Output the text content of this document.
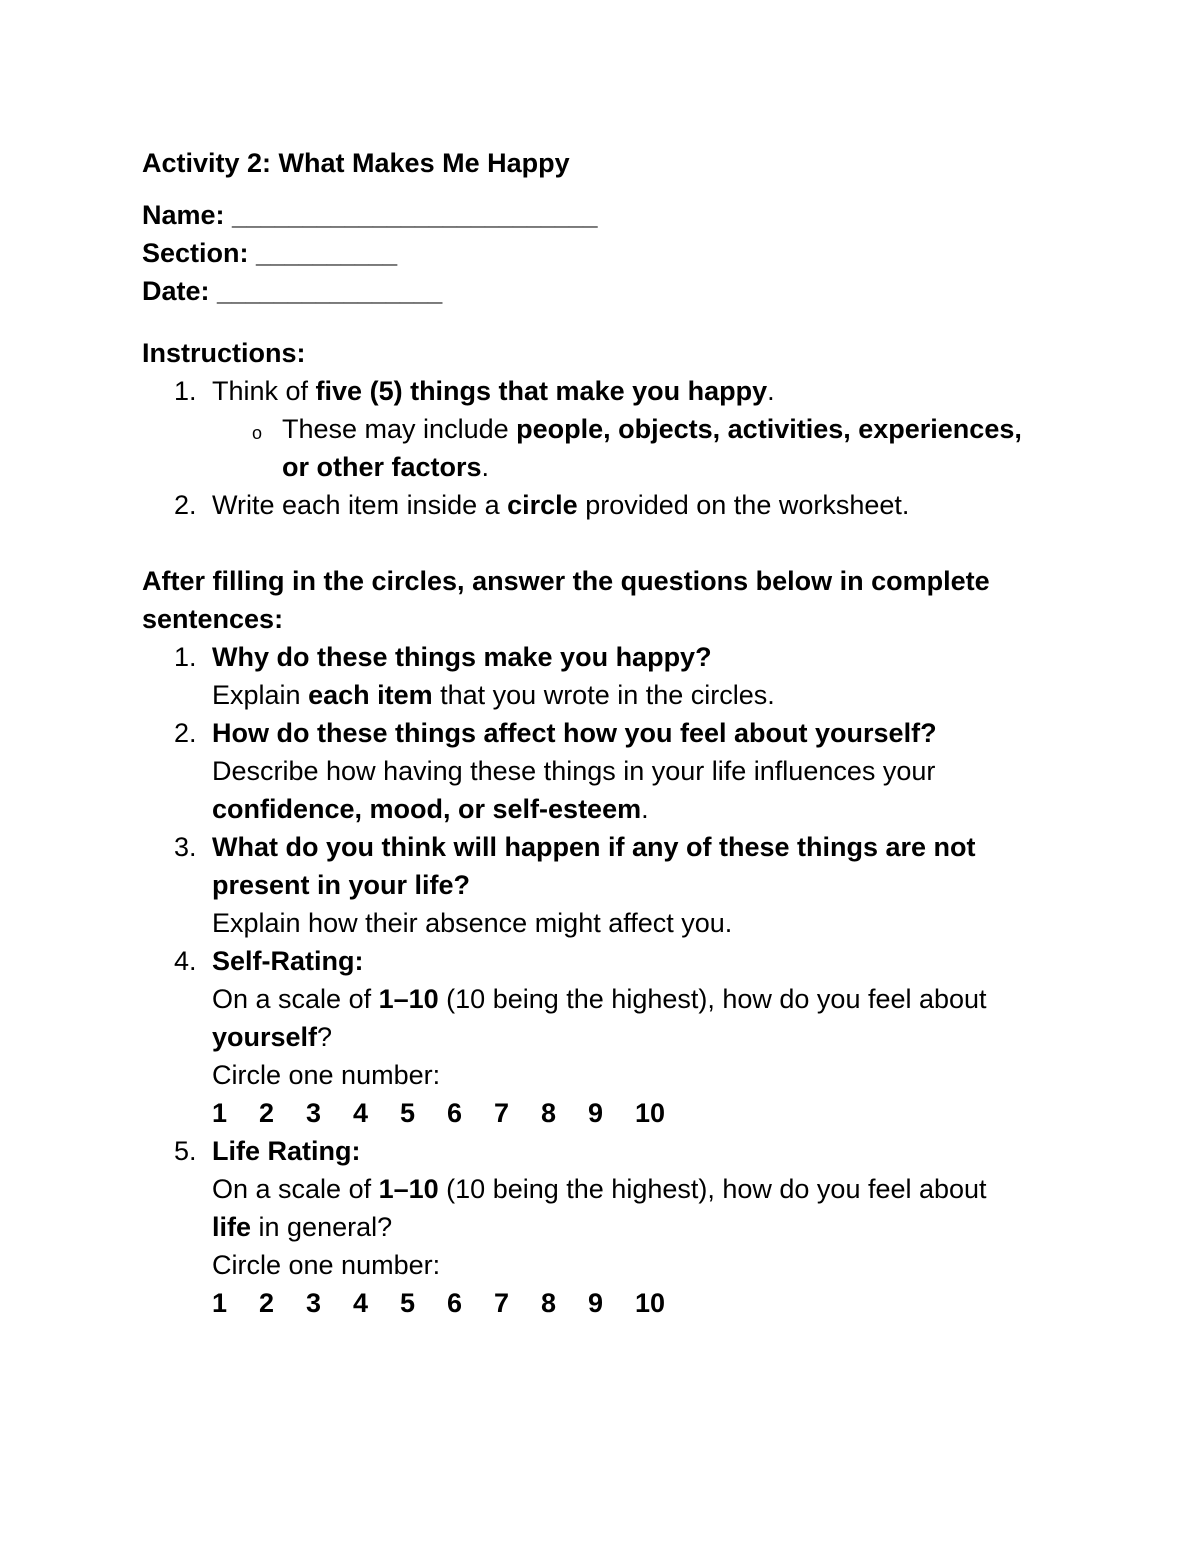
Activity 2: What Makes Me Happy
Name: __________________________
Section: __________
Date: ________________
Instructions:
1. Think of five (5) things that make you happy.
o These may include people, objects, activities, experiences,
or other factors.
2. Write each item inside a circle provided on the worksheet.
After filling in the circles, answer the questions below in complete
sentences:
1. Why do these things make you happy?
Explain each item that you wrote in the circles.
2. How do these things affect how you feel about yourself?
Describe how having these things in your life influences your
confidence, mood, or self-esteem.
3. What do you think will happen if any of these things are not
present in your life?
Explain how their absence might affect you.
4. Self-Rating:
On a scale of 1–10 (10 being the highest), how do you feel about
yourself?
Circle one number:
1	2	3	4	5	6	7	8	9	10
5. Life Rating:
On a scale of 1–10 (10 being the highest), how do you feel about
life in general?
Circle one number:
1	2	3	4	5	6	7	8	9	10
